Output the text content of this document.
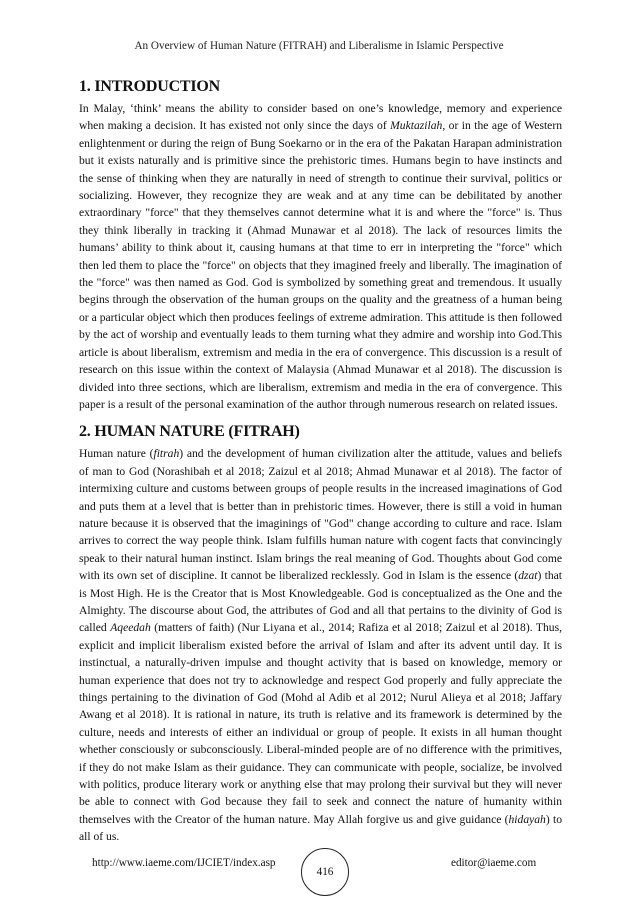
An Overview of Human Nature (FITRAH) and Liberalisme in Islamic Perspective
1. INTRODUCTION

In Malay, ‘think’ means the ability to consider based on one’s knowledge, memory and experience when making a decision. It has existed not only since the days of Muktazilah, or in the age of Western enlightenment or during the reign of Bung Soekarno or in the era of the Pakatan Harapan administration but it exists naturally and is primitive since the prehistoric times. Humans begin to have instincts and the sense of thinking when they are naturally in need of strength to continue their survival, politics or socializing. However, they recognize they are weak and at any time can be debilitated by another extraordinary "force" that they themselves cannot determine what it is and where the "force" is. Thus they think liberally in tracking it (Ahmad Munawar et al 2018). The lack of resources limits the humans’ ability to think about it, causing humans at that time to err in interpreting the "force" which then led them to place the "force" on objects that they imagined freely and liberally. The imagination of the "force" was then named as God. God is symbolized by something great and tremendous. It usually begins through the observation of the human groups on the quality and the greatness of a human being or a particular object which then produces feelings of extreme admiration. This attitude is then followed by the act of worship and eventually leads to them turning what they admire and worship into God.This article is about liberalism, extremism and media in the era of convergence. This discussion is a result of research on this issue within the context of Malaysia (Ahmad Munawar et al 2018). The discussion is divided into three sections, which are liberalism, extremism and media in the era of convergence. This paper is a result of the personal examination of the author through numerous research on related issues.

2. HUMAN NATURE (FITRAH)

Human nature (fitrah) and the development of human civilization alter the attitude, values and beliefs of man to God (Norashibah et al 2018; Zaizul et al 2018; Ahmad Munawar et al 2018). The factor of intermixing culture and customs between groups of people results in the increased imaginations of God and puts them at a level that is better than in prehistoric times. However, there is still a void in human nature because it is observed that the imaginings of "God" change according to culture and race. Islam arrives to correct the way people think. Islam fulfills human nature with cogent facts that convincingly speak to their natural human instinct. Islam brings the real meaning of God. Thoughts about God come with its own set of discipline. It cannot be liberalized recklessly. God in Islam is the essence (dzat) that is Most High. He is the Creator that is Most Knowledgeable. God is conceptualized as the One and the Almighty. The discourse about God, the attributes of God and all that pertains to the divinity of God is called Aqeedah (matters of faith) (Nur Liyana et al., 2014; Rafiza et al 2018; Zaizul et al 2018). Thus, explicit and implicit liberalism existed before the arrival of Islam and after its advent until day. It is instinctual, a naturally-driven impulse and thought activity that is based on knowledge, memory or human experience that does not try to acknowledge and respect God properly and fully appreciate the things pertaining to the divination of God (Mohd al Adib et al 2012; Nurul Alieya et al 2018; Jaffary Awang et al 2018). It is rational in nature, its truth is relative and its framework is determined by the culture, needs and interests of either an individual or group of people. It exists in all human thought whether consciously or subconsciously. Liberal-minded people are of no difference with the primitives, if they do not make Islam as their guidance. They can communicate with people, socialize, be involved with politics, produce literary work or anything else that may prolong their survival but they will never be able to connect with God because they fail to seek and connect the nature of humanity within themselves with the Creator of the human nature. May Allah forgive us and give guidance (hidayah) to all of us.

http://www.iaeme.com/IJCIET/index.asp
416
editor@iaeme.com
